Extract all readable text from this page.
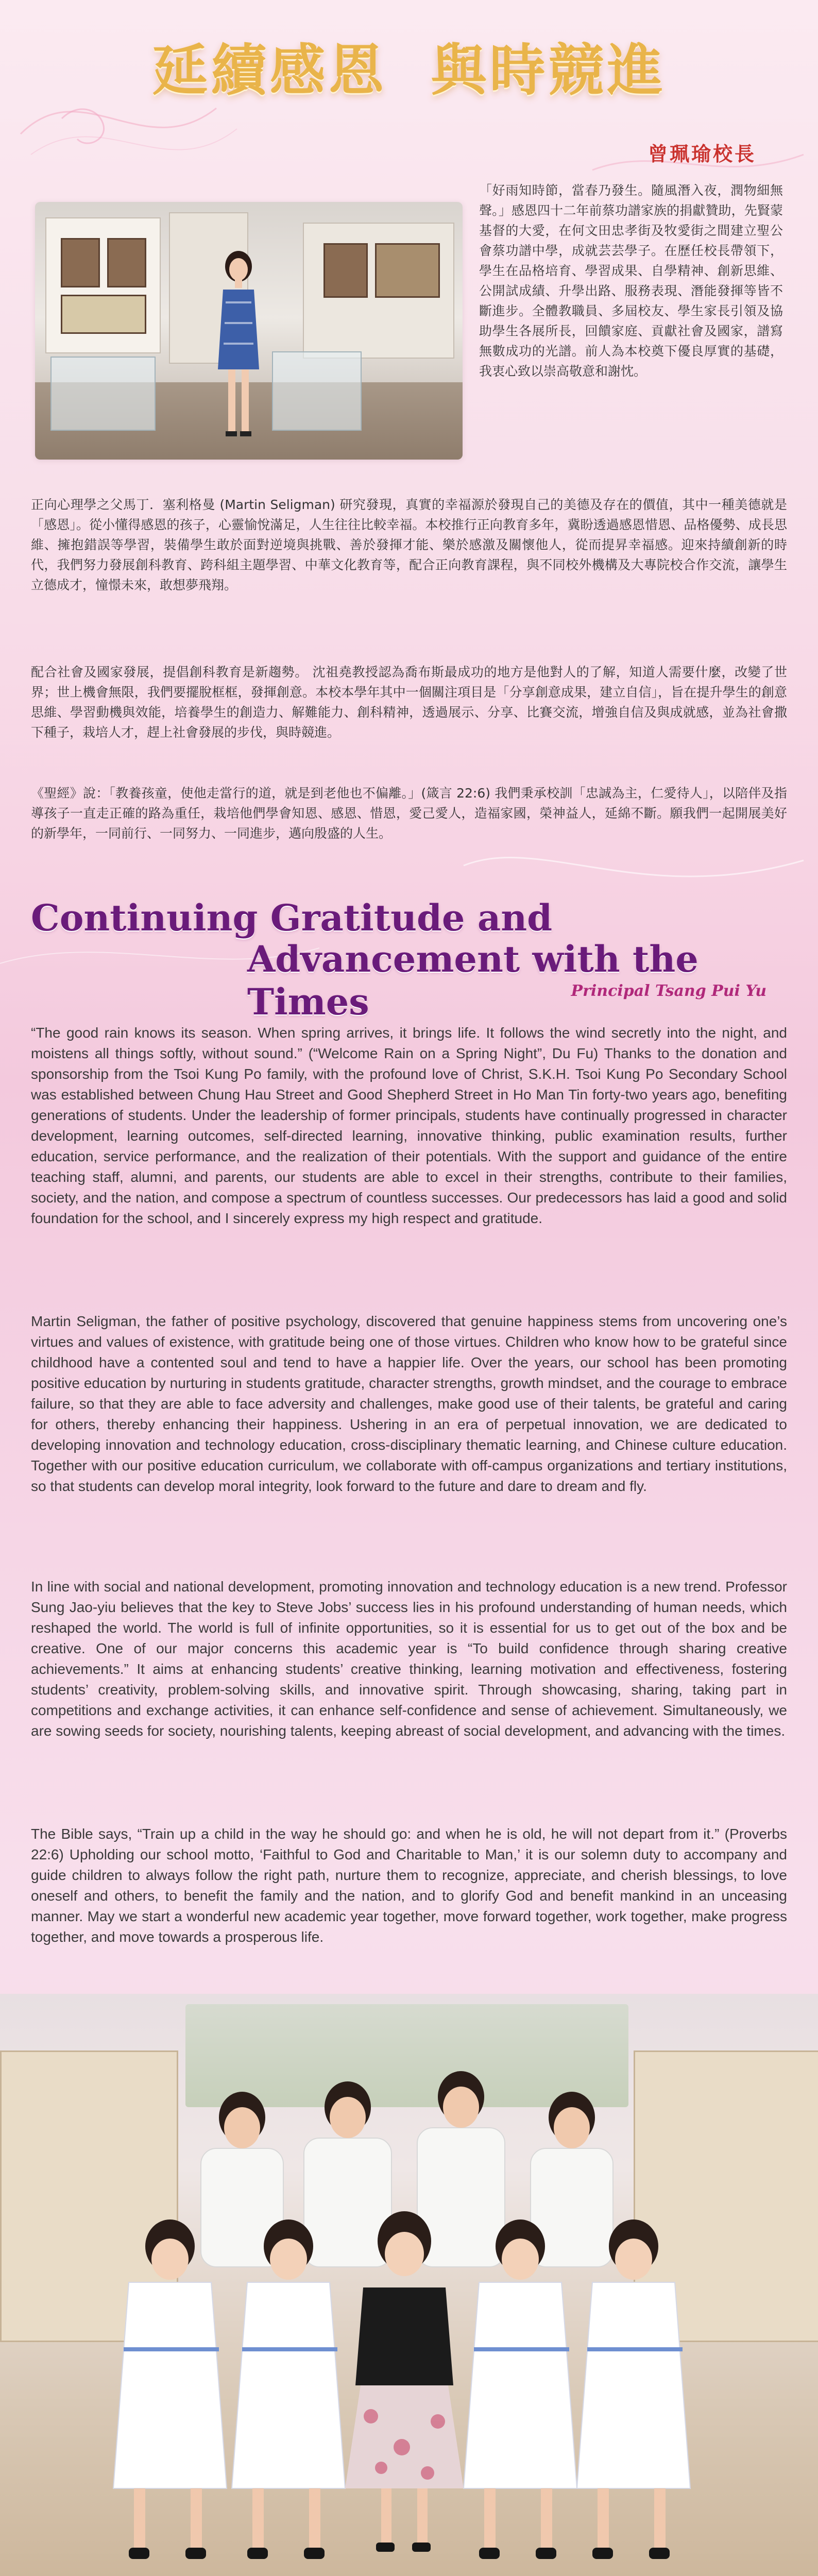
延續感恩 與時競進
曾珮瑜校長

「好雨知時節，當春乃發生。隨風潛入夜，潤物細無聲。」感恩四十二年前蔡功譜家族的捐獻贊助，先賢蒙基督的大愛，在何文田忠孝街及牧愛街之間建立聖公會蔡功譜中學，成就芸芸學子。在歷任校長帶領下，學生在品格培育、學習成果、自學精神、創新思維、公開試成績、升學出路、服務表現、潛能發揮等皆不斷進步。全體教職員、多屆校友、學生家長引領及協助學生各展所長，回饋家庭、貢獻社會及國家，譜寫無數成功的光譜。前人為本校奠下優良厚實的基礎，我衷心致以崇高敬意和謝忱。

正向心理學之父馬丁．塞利格曼 (Martin Seligman) 研究發現，真實的幸福源於發現自己的美德及存在的價值，其中一種美德就是「感恩」。從小懂得感恩的孩子，心靈愉悅滿足，人生往往比較幸福。本校推行正向教育多年，冀盼透過感恩惜恩、品格優勢、成長思維、擁抱錯誤等學習，裝備學生敢於面對逆境與挑戰、善於發揮才能、樂於感激及關懷他人，從而提昇幸福感。迎來持續創新的時代，我們努力發展創科教育、跨科組主題學習、中華文化教育等，配合正向教育課程，與不同校外機構及大專院校合作交流，讓學生立德成才，憧憬未來，敢想夢飛翔。

配合社會及國家發展，提倡創科教育是新趨勢。 沈祖堯教授認為喬布斯最成功的地方是他對人的了解，知道人需要什麼，改變了世界；世上機會無限，我們要擺脫框框，發揮創意。本校本學年其中一個關注項目是「分享創意成果，建立自信」，旨在提升學生的創意思維、學習動機與效能，培養學生的創造力、解難能力、創科精神，透過展示、分享、比賽交流，增強自信及與成就感，並為社會撒下種子，栽培人才，趕上社會發展的步伐，與時競進。

《聖經》說：「教養孩童，使他走當行的道，就是到老他也不偏離。」(箴言 22:6) 我們秉承校訓「忠誠為主，仁愛待人」，以陪伴及指導孩子一直走正確的路為重任，栽培他們學會知恩、感恩、惜恩，愛己愛人，造福家國，榮神益人，延綿不斷。願我們一起開展美好的新學年，一同前行、一同努力、一同進步，邁向殷盛的人生。

Continuing Gratitude and
Advancement with the Times	Principal Tsang Pui Yu

“The good rain knows its season. When spring arrives, it brings life. It follows the wind secretly into the night, and moistens all things softly, without sound.” (“Welcome Rain on a Spring Night”, Du Fu) Thanks to the donation and sponsorship from the Tsoi Kung Po family, with the profound love of Christ, S.K.H. Tsoi Kung Po Secondary School was established between Chung Hau Street and Good Shepherd Street in Ho Man Tin forty-two years ago, benefiting generations of students. Under the leadership of former principals, students have continually progressed in character development, learning outcomes, self-directed learning, innovative thinking, public examination results, further education, service performance, and the realization of their potentials. With the support and guidance of the entire teaching staff, alumni, and parents, our students are able to excel in their strengths, contribute to their families, society, and the nation, and compose a spectrum of countless successes. Our predecessors has laid a good and solid foundation for the school, and I sincerely express my high respect and gratitude.

Martin Seligman, the father of positive psychology, discovered that genuine happiness stems from uncovering one’s virtues and values of existence, with gratitude being one of those virtues. Children who know how to be grateful since childhood have a contented soul and tend to have a happier life. Over the years, our school has been promoting positive education by nurturing in students gratitude, character strengths, growth mindset, and the courage to embrace failure, so that they are able to face adversity and challenges, make good use of their talents, be grateful and caring for others, thereby enhancing their happiness. Ushering in an era of perpetual innovation, we are dedicated to developing innovation and technology education, cross-disciplinary thematic learning, and Chinese culture education. Together with our positive education curriculum, we collaborate with off-campus organizations and tertiary institutions, so that students can develop moral integrity, look forward to the future and dare to dream and fly.

In line with social and national development, promoting innovation and technology education is a new trend. Professor Sung Jao-yiu believes that the key to Steve Jobs’ success lies in his profound understanding of human needs, which reshaped the world. The world is full of infinite opportunities, so it is essential for us to get out of the box and be creative. One of our major concerns this academic year is “To build confidence through sharing creative achievements.” It aims at enhancing students’ creative thinking, learning motivation and effectiveness, fostering students’ creativity, problem-solving skills, and innovative spirit. Through showcasing, sharing, taking part in competitions and exchange activities, it can enhance self-confidence and sense of achievement. Simultaneously, we are sowing seeds for society, nourishing talents, keeping abreast of social development, and advancing with the times.

The Bible says, “Train up a child in the way he should go: and when he is old, he will not depart from it.” (Proverbs 22:6) Upholding our school motto, ‘Faithful to God and Charitable to Man,’ it is our solemn duty to accompany and guide children to always follow the right path, nurture them to recognize, appreciate, and cherish blessings, to love oneself and others, to benefit the family and the nation, and to glorify God and benefit mankind in an unceasing manner. May we start a wonderful new academic year together, move forward together, work together, make progress together, and move towards a prosperous life.
